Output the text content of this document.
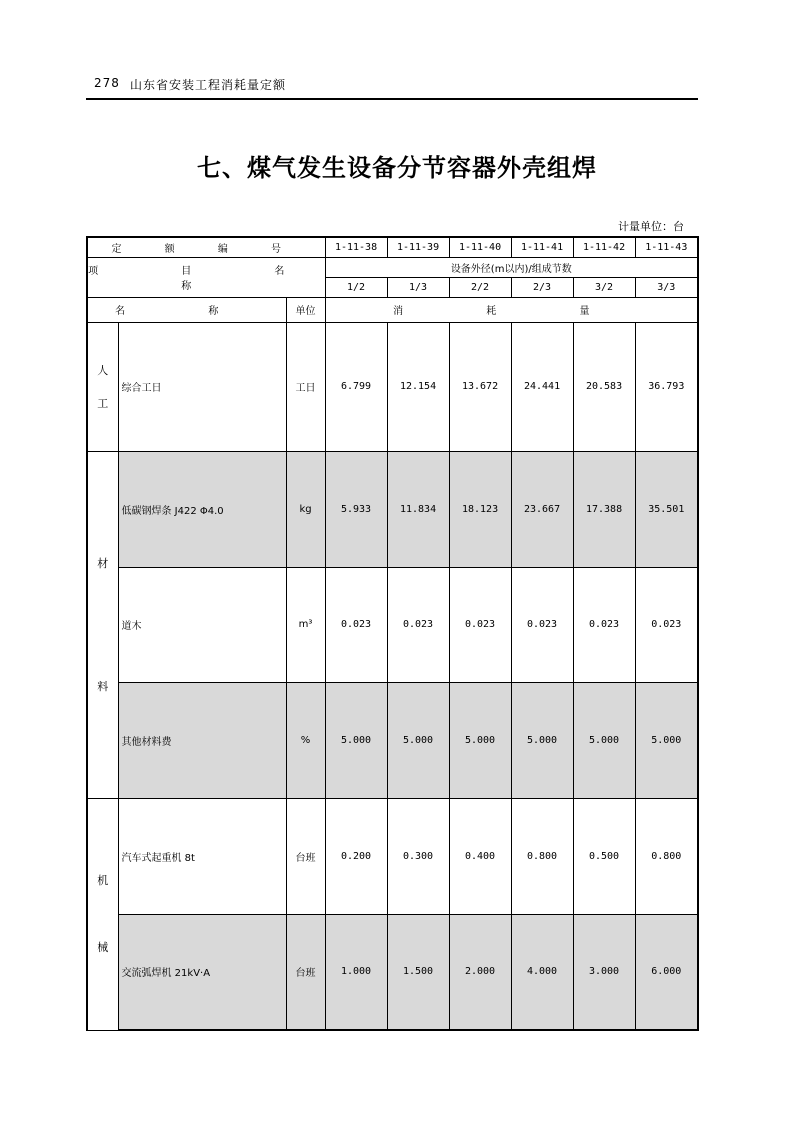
278 山东省安装工程消耗量定额
七、煤气发生设备分节容器外壳组焊
计量单位：台
定 额 编 号			1-11-38	1-11-39	1-11-40	1-11-41	1-11-42	1-11-43
项 目 名 称			设备外径(m以内)/组成节数					
			1/2	1/3	2/2	2/3	3/2	3/3
名 称		单位	消 耗 量					

人

工	综合工日	工日	6.799	12.154	13.672	24.441	20.583	36.793

材
料	低碳钢焊条 J422 Φ4.0	kg	5.933	11.834	18.123	23.667	17.388	35.501
	道木	m³	0.023	0.023	0.023	0.023	0.023	0.023
	其他材料费	%	5.000	5.000	5.000	5.000	5.000	5.000

机
械	汽车式起重机 8t	台班	0.200	0.300	0.400	0.800	0.500	0.800
	交流弧焊机 21kV·A	台班	1.000	1.500	2.000	4.000	3.000	6.000
